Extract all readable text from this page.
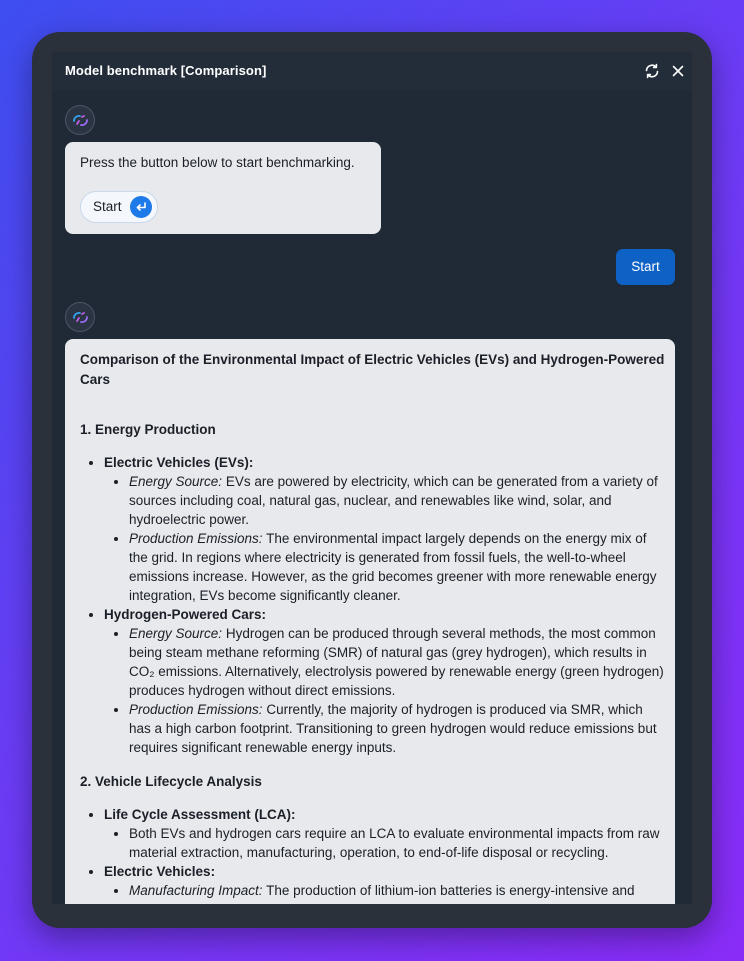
Model benchmark [Comparison]
Press the button below to start benchmarking.
Start
Start
Comparison of the Environmental Impact of Electric Vehicles (EVs) and Hydrogen-Powered Cars

1. Energy Production

• Electric Vehicles (EVs):
• Energy Source: EVs are powered by electricity, which can be generated from a variety of sources including coal, natural gas, nuclear, and renewables like wind, solar, and hydroelectric power.
• Production Emissions: The environmental impact largely depends on the energy mix of the grid. In regions where electricity is generated from fossil fuels, the well-to-wheel emissions increase. However, as the grid becomes greener with more renewable energy integration, EVs become significantly cleaner.
• Hydrogen-Powered Cars:
• Energy Source: Hydrogen can be produced through several methods, the most common being steam methane reforming (SMR) of natural gas (grey hydrogen), which results in CO₂ emissions. Alternatively, electrolysis powered by renewable energy (green hydrogen) produces hydrogen without direct emissions.
• Production Emissions: Currently, the majority of hydrogen is produced via SMR, which has a high carbon footprint. Transitioning to green hydrogen would reduce emissions but requires significant renewable energy inputs.

2. Vehicle Lifecycle Analysis

• Life Cycle Assessment (LCA):
• Both EVs and hydrogen cars require an LCA to evaluate environmental impacts from raw material extraction, manufacturing, operation, to end-of-life disposal or recycling.
• Electric Vehicles:
• Manufacturing Impact: The production of lithium-ion batteries is energy-intensive and
